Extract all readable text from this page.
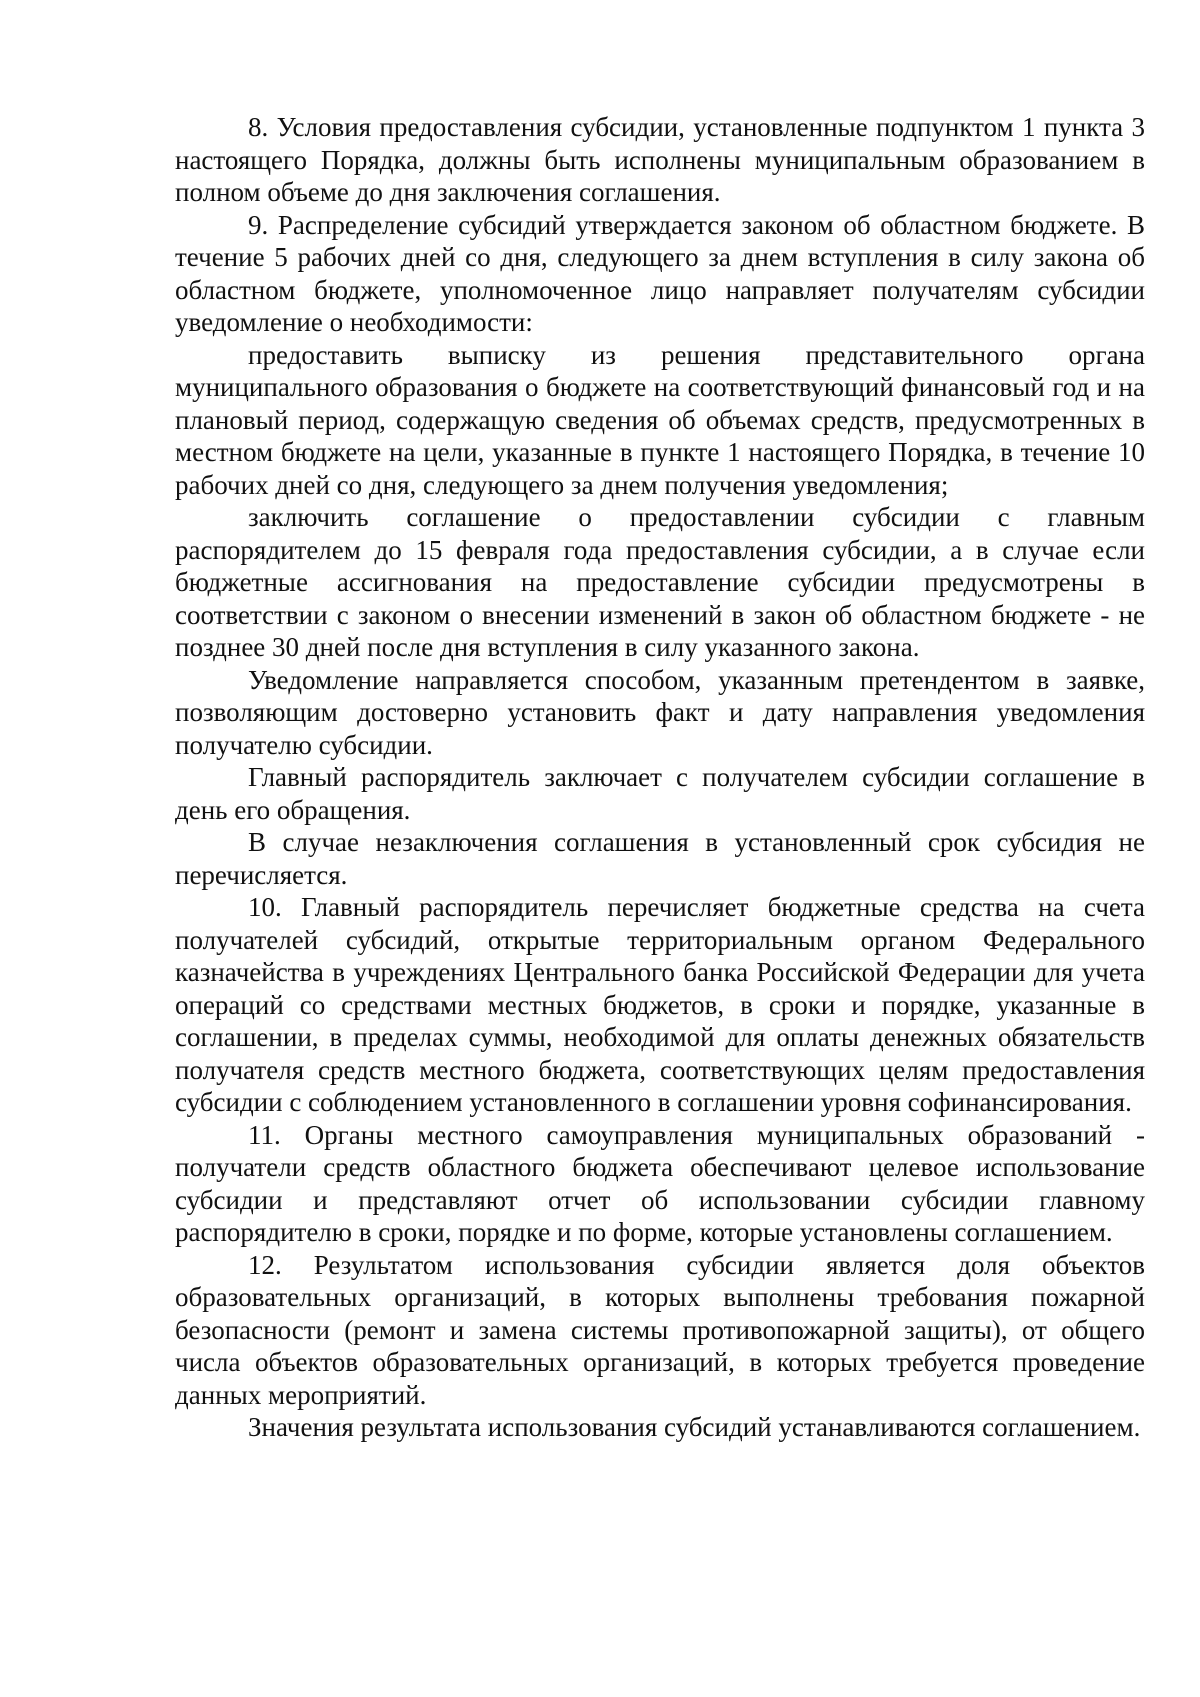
8. Условия предоставления субсидии, установленные подпунктом 1 пункта 3 настоящего Порядка, должны быть исполнены муниципальным образованием в полном объеме до дня заключения соглашения.

9. Распределение субсидий утверждается законом об областном бюджете. В течение 5 рабочих дней со дня, следующего за днем вступления в силу закона об областном бюджете, уполномоченное лицо направляет получателям субсидии уведомление о необходимости:

предоставить выписку из решения представительного органа муниципального образования о бюджете на соответствующий финансовый год и на плановый период, содержащую сведения об объемах средств, предусмотренных в местном бюджете на цели, указанные в пункте 1 настоящего Порядка, в течение 10 рабочих дней со дня, следующего за днем получения уведомления;

заключить соглашение о предоставлении субсидии с главным распорядителем до 15 февраля года предоставления субсидии, а в случае если бюджетные ассигнования на предоставление субсидии предусмотрены в соответствии с законом о внесении изменений в закон об областном бюджете - не позднее 30 дней после дня вступления в силу указанного закона.

Уведомление направляется способом, указанным претендентом в заявке, позволяющим достоверно установить факт и дату направления уведомления получателю субсидии.

Главный распорядитель заключает с получателем субсидии соглашение в день его обращения.

В случае незаключения соглашения в установленный срок субсидия не перечисляется.

10. Главный распорядитель перечисляет бюджетные средства на счета получателей субсидий, открытые территориальным органом Федерального казначейства в учреждениях Центрального банка Российской Федерации для учета операций со средствами местных бюджетов, в сроки и порядке, указанные в соглашении, в пределах суммы, необходимой для оплаты денежных обязательств получателя средств местного бюджета, соответствующих целям предоставления субсидии с соблюдением установленного в соглашении уровня софинансирования.

11. Органы местного самоуправления муниципальных образований - получатели средств областного бюджета обеспечивают целевое использование субсидии и представляют отчет об использовании субсидии главному распорядителю в сроки, порядке и по форме, которые установлены соглашением.

12. Результатом использования субсидии является доля объектов образовательных организаций, в которых выполнены требования пожарной безопасности (ремонт и замена системы противопожарной защиты), от общего числа объектов образовательных организаций, в которых требуется проведение данных мероприятий.

Значения результата использования субсидий устанавливаются соглашением.
